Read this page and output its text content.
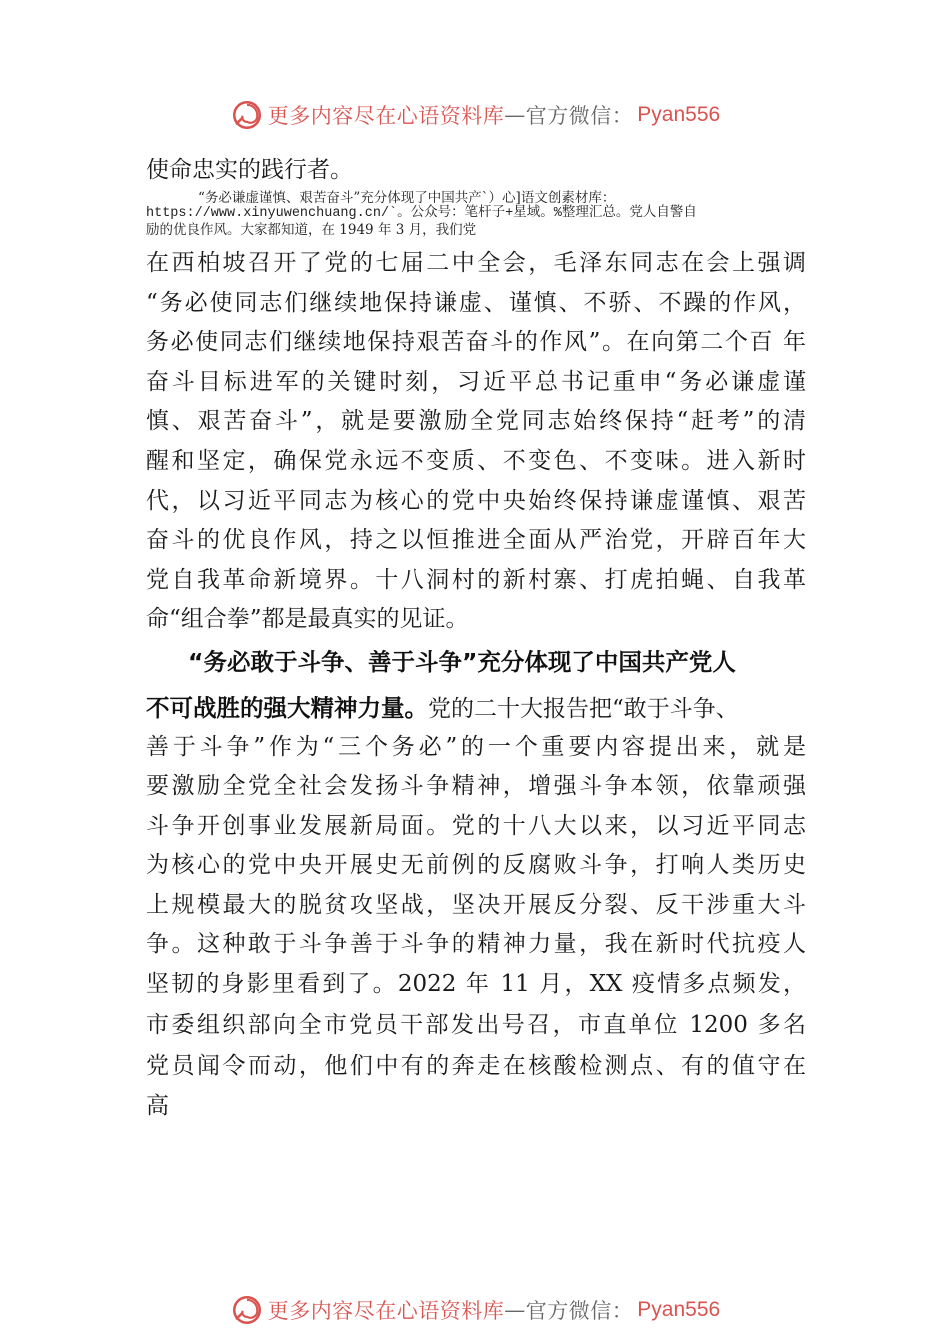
更多内容尽在心语资料库 — 官方微信： Pyan556
使命忠实的践行者。
“务必谦虚谨慎、艰苦奋斗”充分体现了中国共产`）心]语文创素材库：
https://www.xinyuwenchuang.cn/`。公众号：笔杆子+星域。%整理汇总。党人自警自
励的优良作风。大家都知道，在 1949 年 3 月，我们党
在西柏坡召开了党的七届二中全会，毛泽东同志在会上强调
“务必使同志们继续地保持谦虚、谨慎、不骄、不躁的作风，
务必使同志们继续地保持艰苦奋斗的作风”。在向第二个百 年
奋斗目标进军的关键时刻，习近平总书记重申“务必谦虚谨
慎、艰苦奋斗”，就是要激励全党同志始终保持“赶考”的清
醒和坚定，确保党永远不变质、不变色、不变味。进入新时
代，以习近平同志为核心的党中央始终保持谦虚谨慎、艰苦
奋斗的优良作风，持之以恒推进全面从严治党，开辟百年大
党自我革命新境界。十八洞村的新村寨、打虎拍蝇、自我革
命“组合拳”都是最真实的见证。
“务必敢于斗争、善于斗争”充分体现了中国共产党人
不可战胜的强大精神力量。党的二十大报告把“敢于斗争、
善于斗争”作为“三个务必”的一个重要内容提出来，就是
要激励全党全社会发扬斗争精神，增强斗争本领，依靠顽强
斗争开创事业发展新局面。党的十八大以来，以习近平同志
为核心的党中央开展史无前例的反腐败斗争，打响人类历史
上规模最大的脱贫攻坚战，坚决开展反分裂、反干涉重大斗
争。这种敢于斗争善于斗争的精神力量，我在新时代抗疫人
坚韧的身影里看到了。2022 年 11 月，XX 疫情多点频发，
市委组织部向全市党员干部发出号召，市直单位 1200 多名
党员闻令而动，他们中有的奔走在核酸检测点、有的值守在
高
更多内容尽在心语资料库 — 官方微信： Pyan556
